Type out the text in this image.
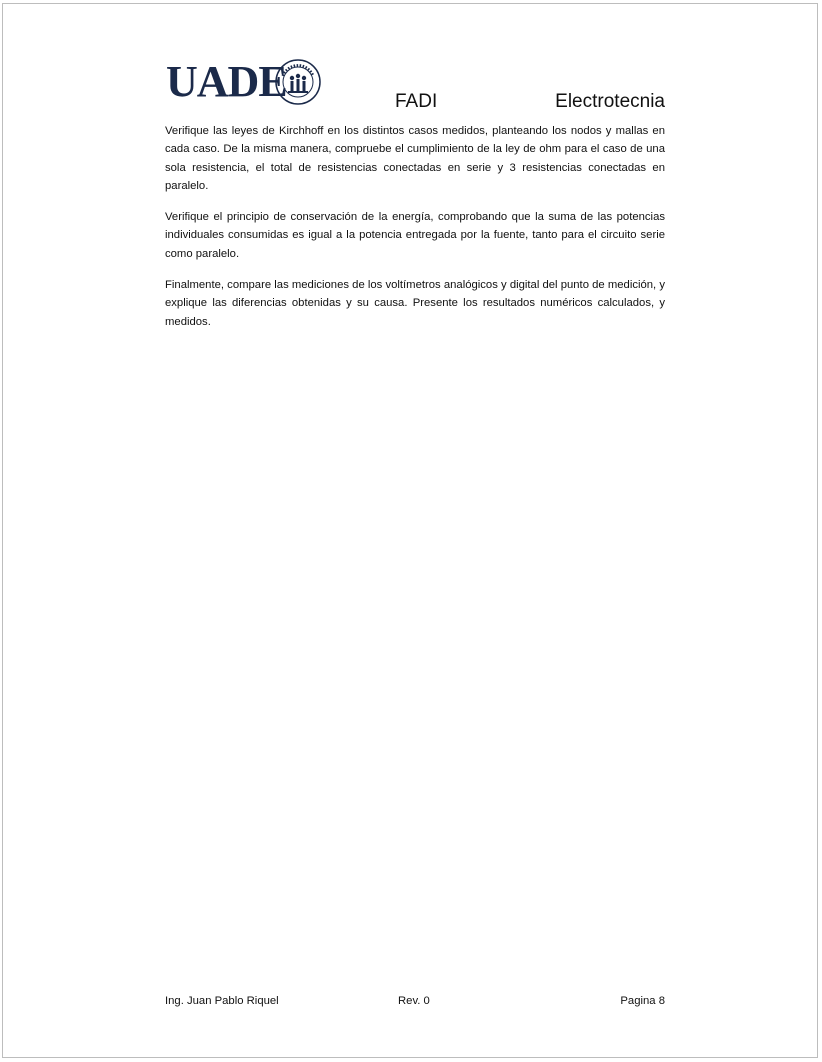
UADE	FADI	Electrotecnia

Verifique las leyes de Kirchhoff en los distintos casos medidos, planteando los nodos y mallas en cada caso. De la misma manera, compruebe el cumplimiento de la ley de ohm para el caso de una sola resistencia, el total de resistencias conectadas en serie y 3 resistencias conectadas en paralelo.

Verifique el principio de conservación de la energía, comprobando que la suma de las potencias individuales consumidas es igual a la potencia entregada por la fuente, tanto para el circuito serie como paralelo.

Finalmente, compare las mediciones de los voltímetros analógicos y digital del punto de medición, y explique las diferencias obtenidas y su causa. Presente los resultados numéricos calculados, y medidos.

Ing. Juan Pablo Riquel	Rev. 0	Pagina 8
